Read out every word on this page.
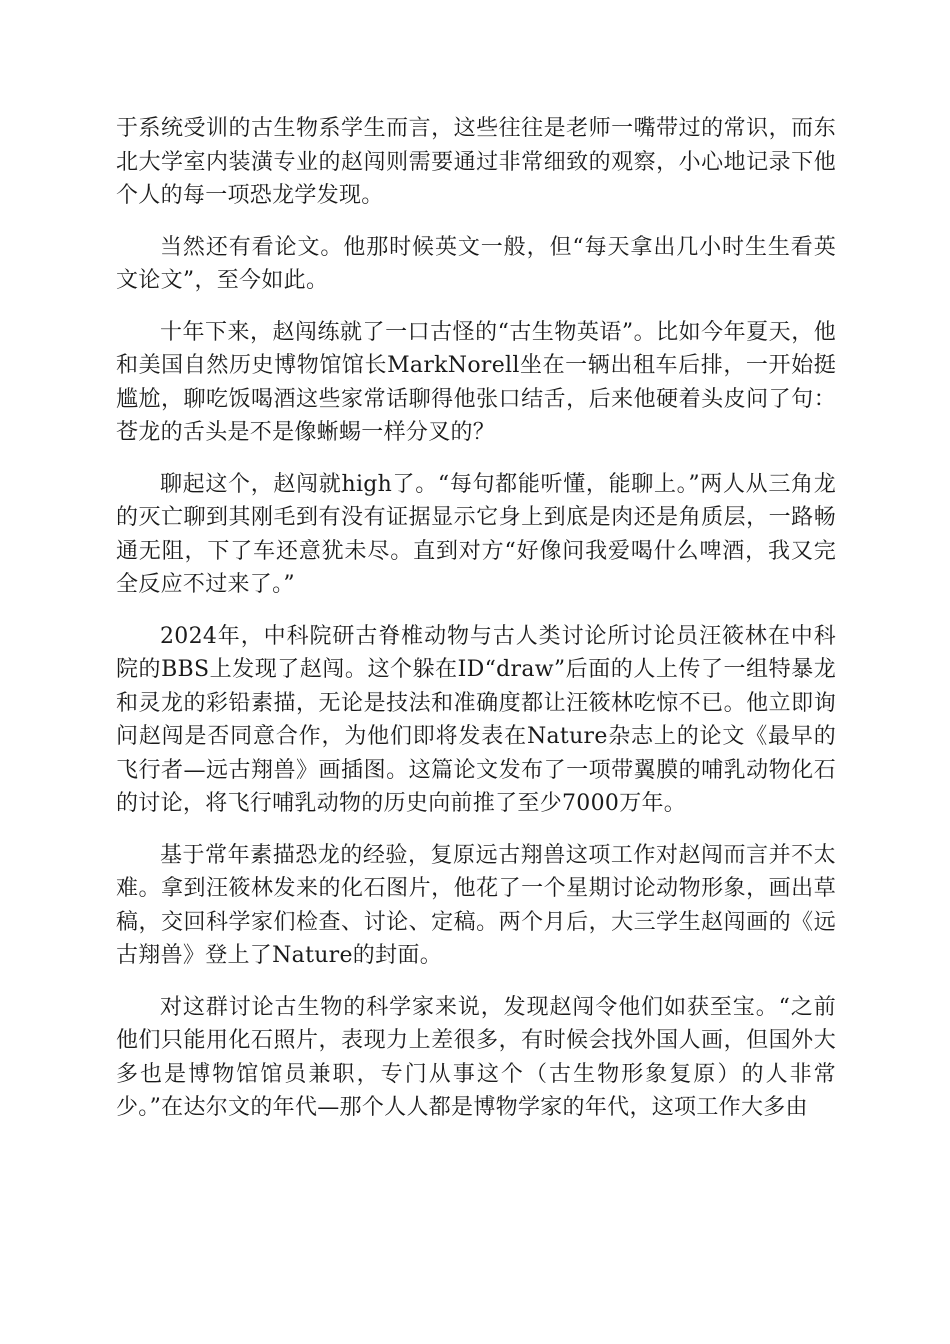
于系统受训的古生物系学生而言，这些往往是老师一嘴带过的常识，而东北大学室内装潢专业的赵闯则需要通过非常细致的观察，小心地记录下他个人的每一项恐龙学发现。

当然还有看论文。他那时候英文一般，但“每天拿出几小时生生看英文论文”，至今如此。

十年下来，赵闯练就了一口古怪的“古生物英语”。比如今年夏天，他和美国自然历史博物馆馆长MarkNorell坐在一辆出租车后排，一开始挺尴尬，聊吃饭喝酒这些家常话聊得他张口结舌，后来他硬着头皮问了句：苍龙的舌头是不是像蜥蜴一样分叉的？

聊起这个，赵闯就high了。“每句都能听懂，能聊上。”两人从三角龙的灭亡聊到其刚毛到有没有证据显示它身上到底是肉还是角质层，一路畅通无阻，下了车还意犹未尽。直到对方“好像问我爱喝什么啤酒，我又完全反应不过来了。”

2024年，中科院研古脊椎动物与古人类讨论所讨论员汪筱林在中科院的BBS上发现了赵闯。这个躲在ID“draw”后面的人上传了一组特暴龙和灵龙的彩铅素描，无论是技法和准确度都让汪筱林吃惊不已。他立即询问赵闯是否同意合作，为他们即将发表在Nature杂志上的论文《最早的飞行者—远古翔兽》画插图。这篇论文发布了一项带翼膜的哺乳动物化石的讨论，将飞行哺乳动物的历史向前推了至少7000万年。

基于常年素描恐龙的经验，复原远古翔兽这项工作对赵闯而言并不太难。拿到汪筱林发来的化石图片，他花了一个星期讨论动物形象，画出草稿，交回科学家们检查、讨论、定稿。两个月后，大三学生赵闯画的《远古翔兽》登上了Nature的封面。

对这群讨论古生物的科学家来说，发现赵闯令他们如获至宝。“之前他们只能用化石照片，表现力上差很多，有时候会找外国人画，但国外大多也是博物馆馆员兼职，专门从事这个（古生物形象复原）的人非常少。”在达尔文的年代—那个人人都是博物学家的年代，这项工作大多由
